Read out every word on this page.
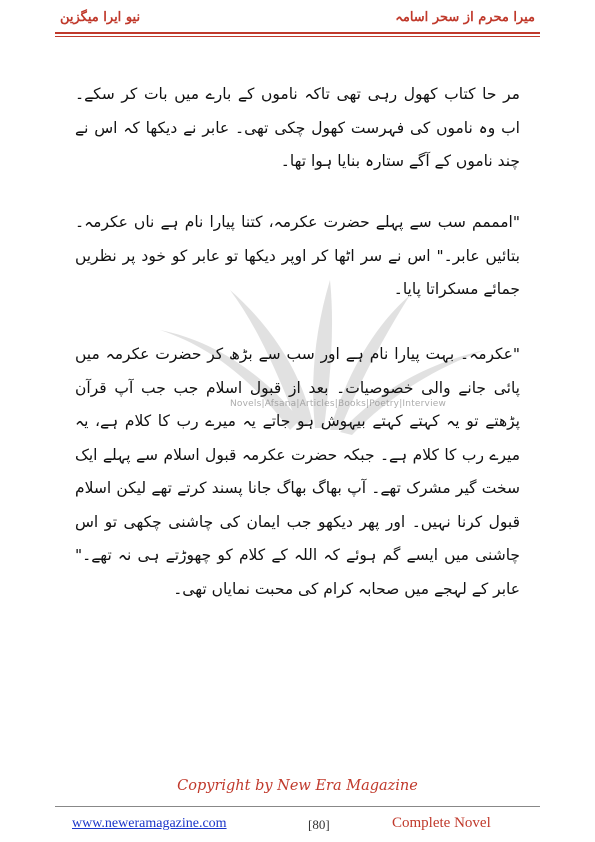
نیو ایرا میگزین	میرا محرم از سحر اسامہ
Novels|Afsana|Articles|Books|Poetry|Interview
مر حا کتاب کھول رہی تھی تاکہ ناموں کے بارے میں بات کر سکے۔ اب وہ ناموں کی فہرست کھول چکی تھی۔ عابر نے دیکھا کہ اس نے چند ناموں کے آگے ستارہ بنایا ہوا تھا۔
"امممم سب سے پہلے حضرت عکرمہ، کتنا پیارا نام ہے ناں عکرمہ۔ بتائیں عابر۔" اس نے سر اٹھا کر اوپر دیکھا تو عابر کو خود پر نظریں جمائے مسکراتا پایا۔
"عکرمہ۔ بہت پیارا نام ہے اور سب سے بڑھ کر حضرت عکرمہ میں پائی جانے والی خصوصیات۔ بعد از قبول اسلام جب جب آپ قرآن پڑھتے تو یہ کہتے کہتے بیہوش ہو جاتے یہ میرے رب کا کلام ہے، یہ میرے رب کا کلام ہے۔ جبکہ حضرت عکرمہ قبول اسلام سے پہلے ایک سخت گیر مشرک تھے۔ آپ بھاگ بھاگ جانا پسند کرتے تھے لیکن اسلام قبول کرنا نہیں۔ اور پھر دیکھو جب ایمان کی چاشنی چکھی تو اس چاشنی میں ایسے گم ہوئے کہ اللہ کے کلام کو چھوڑتے ہی نہ تھے۔" عابر کے لہجے میں صحابہ کرام کی محبت نمایاں تھی۔
Copyright by New Era Magazine
www.neweramagazine.com	[80]	Complete Novel
